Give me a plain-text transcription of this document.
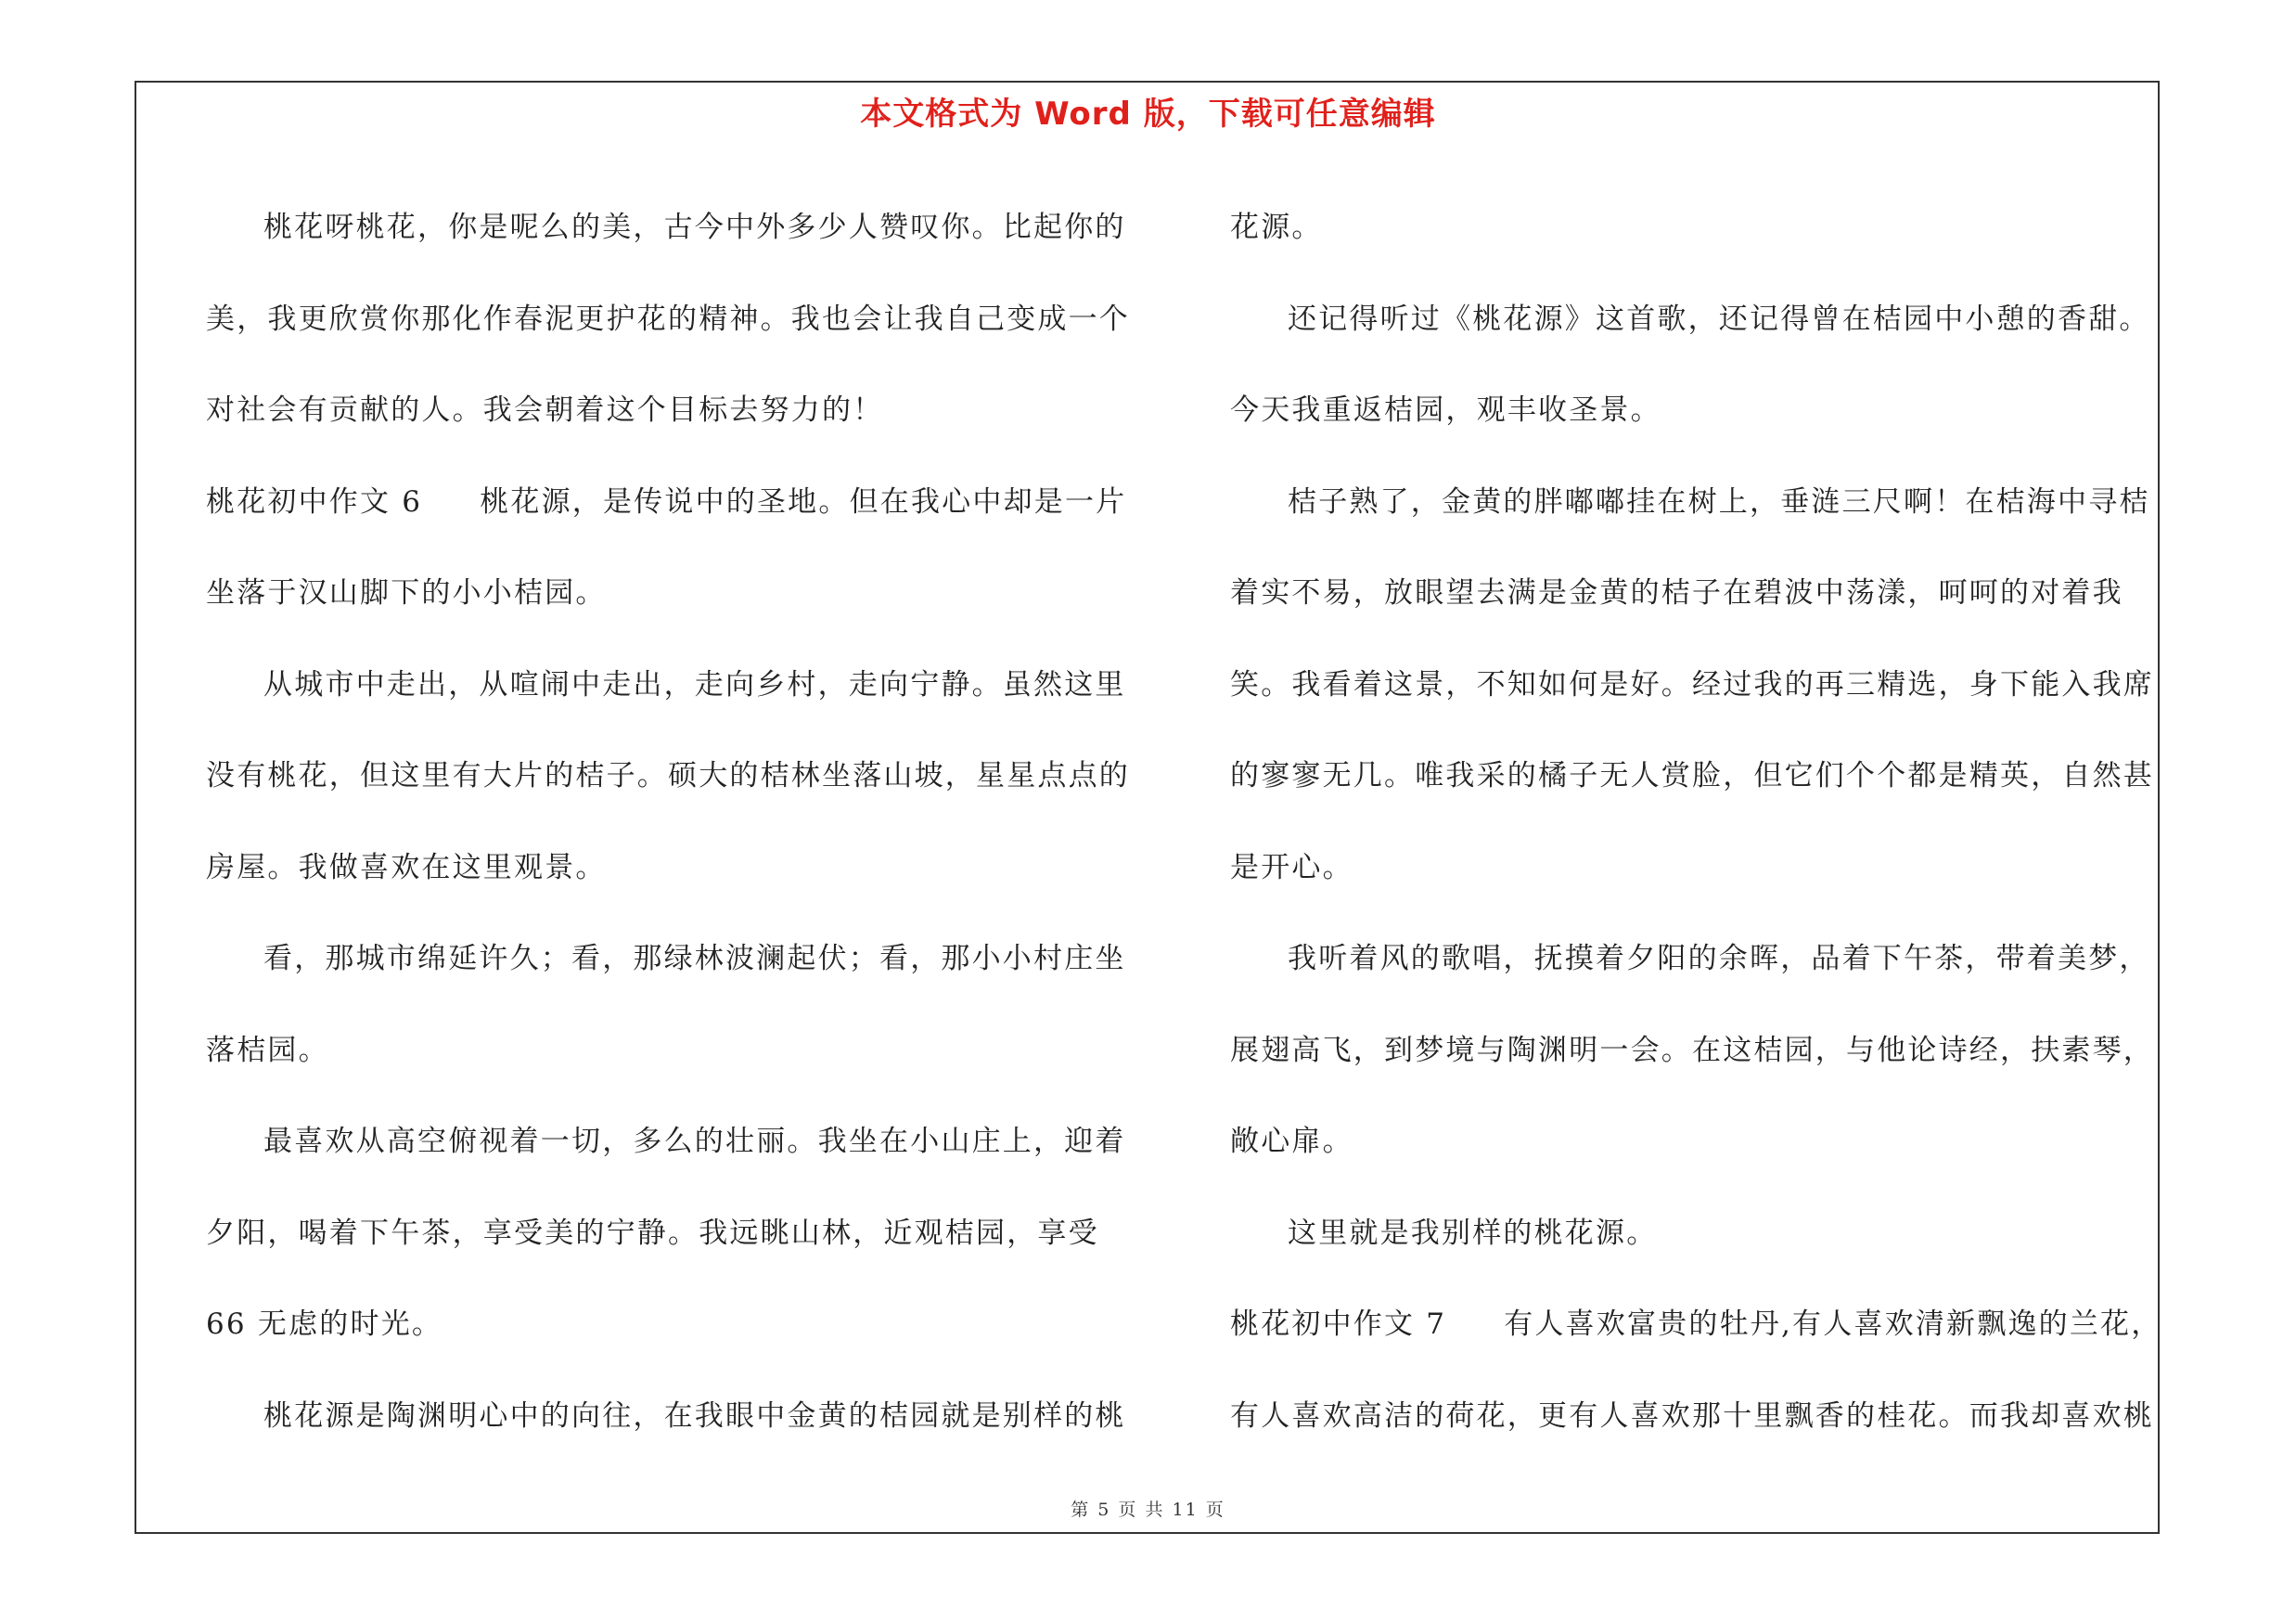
本文格式为 Word 版，下载可任意编辑

桃花呀桃花，你是呢么的美，古今中外多少人赞叹你。比起你的美，我更欣赏你那化作春泥更护花的精神。我也会让我自己变成一个对社会有贡献的人。我会朝着这个目标去努力的！

桃花初中作文 6 桃花源，是传说中的圣地。但在我心中却是一片坐落于汉山脚下的小小桔园。

从城市中走出，从喧闹中走出，走向乡村，走向宁静。虽然这里没有桃花，但这里有大片的桔子。硕大的桔林坐落山坡，星星点点的房屋。我做喜欢在这里观景。

看，那城市绵延许久；看，那绿林波澜起伏；看，那小小村庄坐落桔园。

最喜欢从高空俯视着一切，多么的壮丽。我坐在小山庄上，迎着夕阳，喝着下午茶，享受美的宁静。我远眺山林，近观桔园，享受 66 无虑的时光。

桃花源是陶渊明心中的向往，在我眼中金黄的桔园就是别样的桃

花源。

还记得听过《桃花源》这首歌，还记得曾在桔园中小憩的香甜。今天我重返桔园，观丰收圣景。

桔子熟了，金黄的胖嘟嘟挂在树上，垂涟三尺啊！在桔海中寻桔着实不易，放眼望去满是金黄的桔子在碧波中荡漾，呵呵的对着我笑。我看着这景，不知如何是好。经过我的再三精选，身下能入我席的寥寥无几。唯我采的橘子无人赏脸，但它们个个都是精英，自然甚是开心。

我听着风的歌唱，抚摸着夕阳的余晖，品着下午茶，带着美梦，展翅高飞，到梦境与陶渊明一会。在这桔园，与他论诗经，扶素琴，敞心扉。

这里就是我别样的桃花源。

桃花初中作文 7 有人喜欢富贵的牡丹,有人喜欢清新飘逸的兰花，有人喜欢高洁的荷花，更有人喜欢那十里飘香的桂花。而我却喜欢桃

第 5 页 共 11 页
